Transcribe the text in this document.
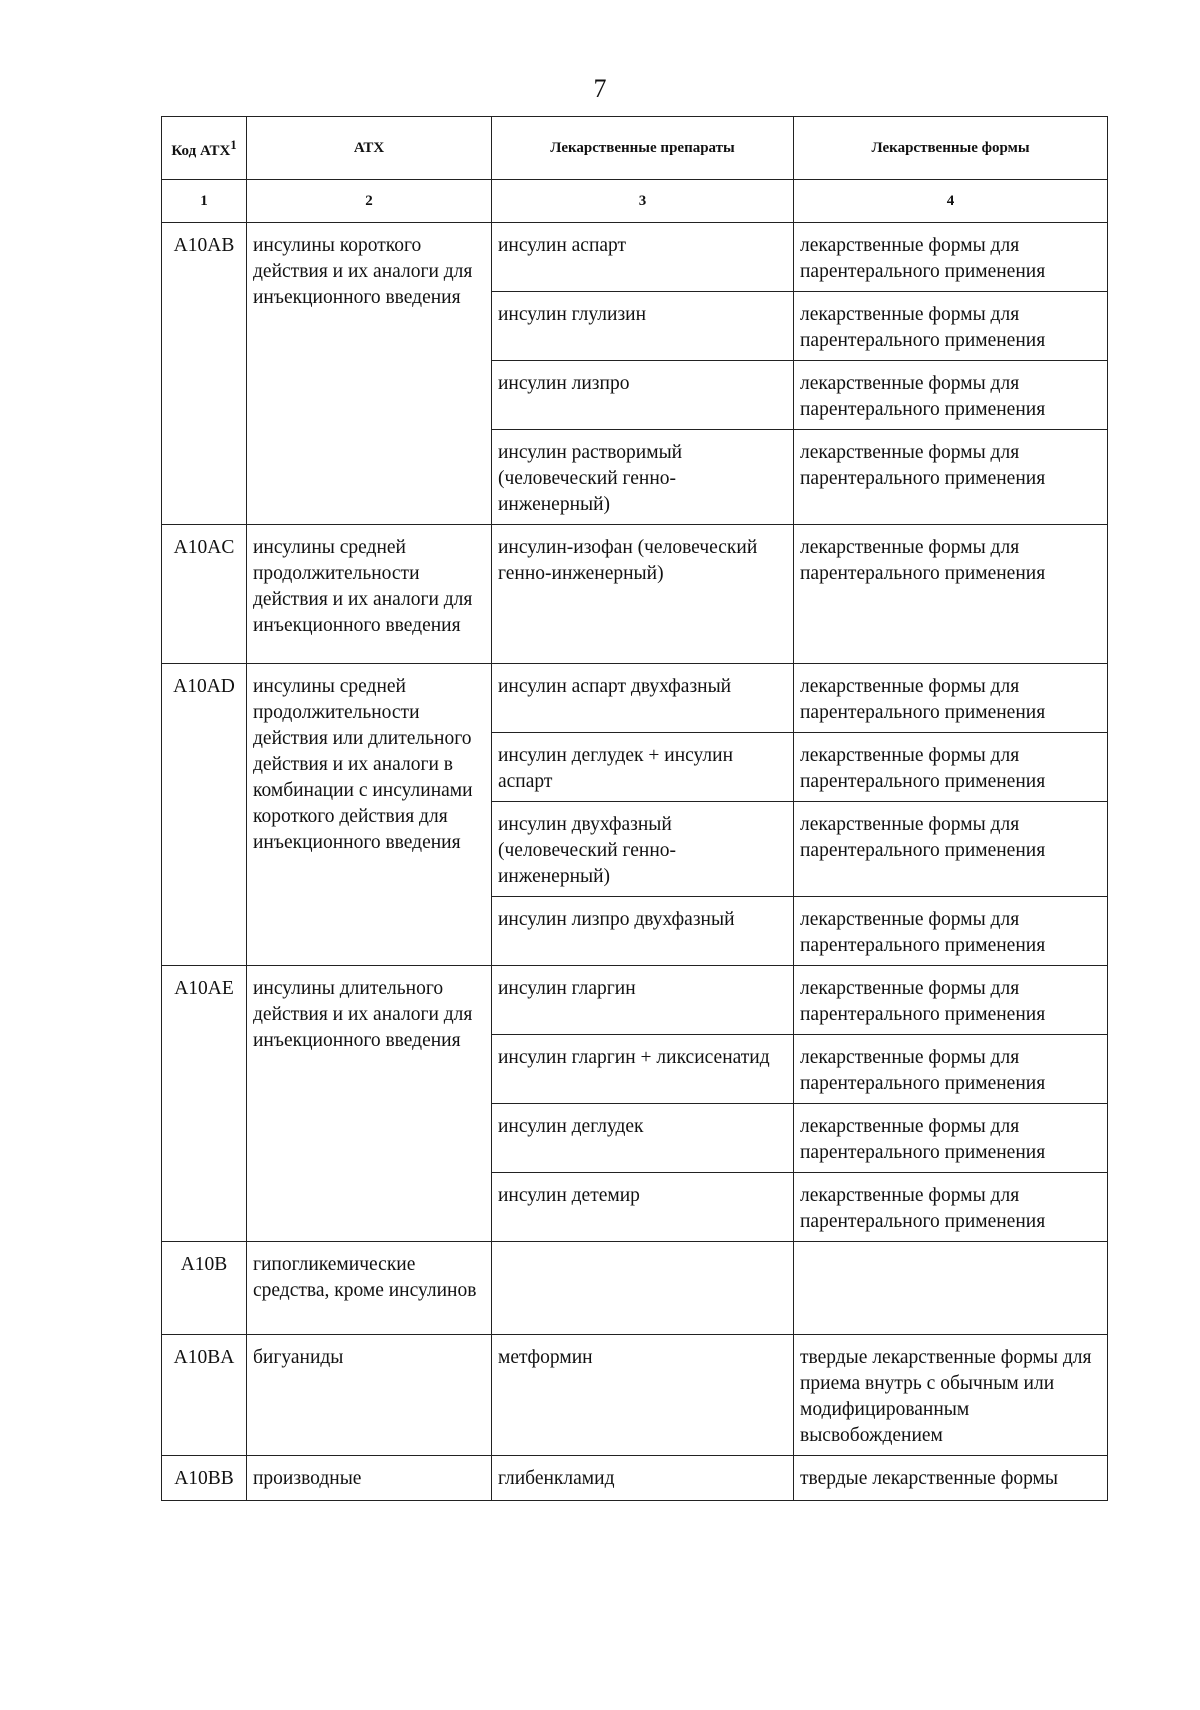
7
Код АТХ$^1$	АТХ	Лекарственные препараты	Лекарственные формы
1	2	3	4
A10AB	инсулины короткого действия и их аналоги для инъекционного введения	инсулин аспарт	лекарственные формы для парентерального применения
		инсулин глулизин	лекарственные формы для парентерального применения
		инсулин лизпро	лекарственные формы для парентерального применения
		инсулин растворимый (человеческий генно-инженерный)	лекарственные формы для парентерального применения
A10AC	инсулины средней продолжительности действия и их аналоги для инъекционного введения	инсулин-изофан (человеческий генно-инженерный)	лекарственные формы для парентерального применения
A10AD	инсулины средней продолжительности действия или длительного действия и их аналоги в комбинации с инсулинами короткого действия для инъекционного введения	инсулин аспарт двухфазный	лекарственные формы для парентерального применения
		инсулин деглудек + инсулин аспарт	лекарственные формы для парентерального применения
		инсулин двухфазный (человеческий генно-инженерный)	лекарственные формы для парентерального применения
		инсулин лизпро двухфазный	лекарственные формы для парентерального применения
A10AE	инсулины длительного действия и их аналоги для инъекционного введения	инсулин гларгин	лекарственные формы для парентерального применения
		инсулин гларгин + ликсисенатид	лекарственные формы для парентерального применения
		инсулин деглудек	лекарственные формы для парентерального применения
		инсулин детемир	лекарственные формы для парентерального применения
A10B	гипогликемические средства, кроме инсулинов		
A10BA	бигуаниды	метформин	твердые лекарственные формы для приема внутрь с обычным или модифицированным высвобождением
A10BB	производные	глибенкламид	твердые лекарственные формы
